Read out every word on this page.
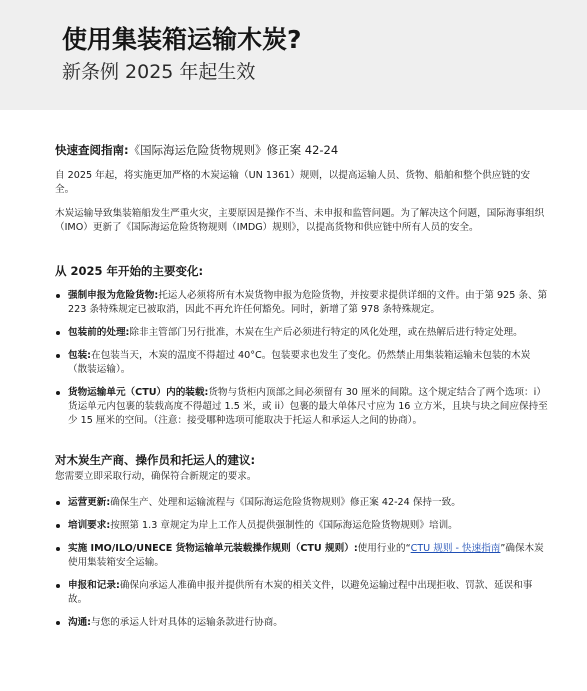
使用集装箱运输木炭?
新条例 2025 年起生效
快速查阅指南:《国际海运危险货物规则》修正案 42-24

自 2025 年起，将实施更加严格的木炭运输（UN 1361）规则，以提高运输人员、货物、船舶和整个供应链的安全。

木炭运输导致集装箱船发生严重火灾，主要原因是操作不当、未申报和监管问题。为了解决这个问题，国际海事组织（IMO）更新了《国际海运危险货物规则（IMDG）规则》，以提高货物和供应链中所有人员的安全。

从 2025 年开始的主要变化:
强制申报为危险货物:托运人必须将所有木炭货物申报为危险货物，并按要求提供详细的文件。由于第 925 条、第 223 条特殊规定已被取消，因此不再允许任何豁免。同时，新增了第 978 条特殊规定。
包装前的处理:除非主管部门另行批准，木炭在生产后必须进行特定的风化处理，或在热解后进行特定处理。
包装:在包装当天，木炭的温度不得超过 40°C。包装要求也发生了变化。仍然禁止用集装箱运输未包装的木炭（散装运输）。
货物运输单元（CTU）内的装载:货物与货柜内顶部之间必须留有 30 厘米的间隙。这个规定结合了两个选项：i）货运单元内包裹的装载高度不得超过 1.5 米，或 ii）包裹的最大单体尺寸应为 16 立方米，且块与块之间应保持至少 15 厘米的空间。（注意：接受哪种选项可能取决于托运人和承运人之间的协商）。
对木炭生产商、操作员和托运人的建议:

您需要立即采取行动，确保符合新规定的要求。

运营更新:确保生产、处理和运输流程与《国际海运危险货物规则》修正案 42-24 保持一致。
培训要求:按照第 1.3 章规定为岸上工作人员提供强制性的《国际海运危险货物规则》培训。
实施 IMO/ILO/UNECE 货物运输单元装载操作规则（CTU 规则）:使用行业的“CTU 规则 - 快速指南”确保木炭使用集装箱安全运输。
申报和记录:确保向承运人准确申报并提供所有木炭的相关文件，以避免运输过程中出现拒收、罚款、延误和事故。
沟通:与您的承运人针对具体的运输条款进行协商。
